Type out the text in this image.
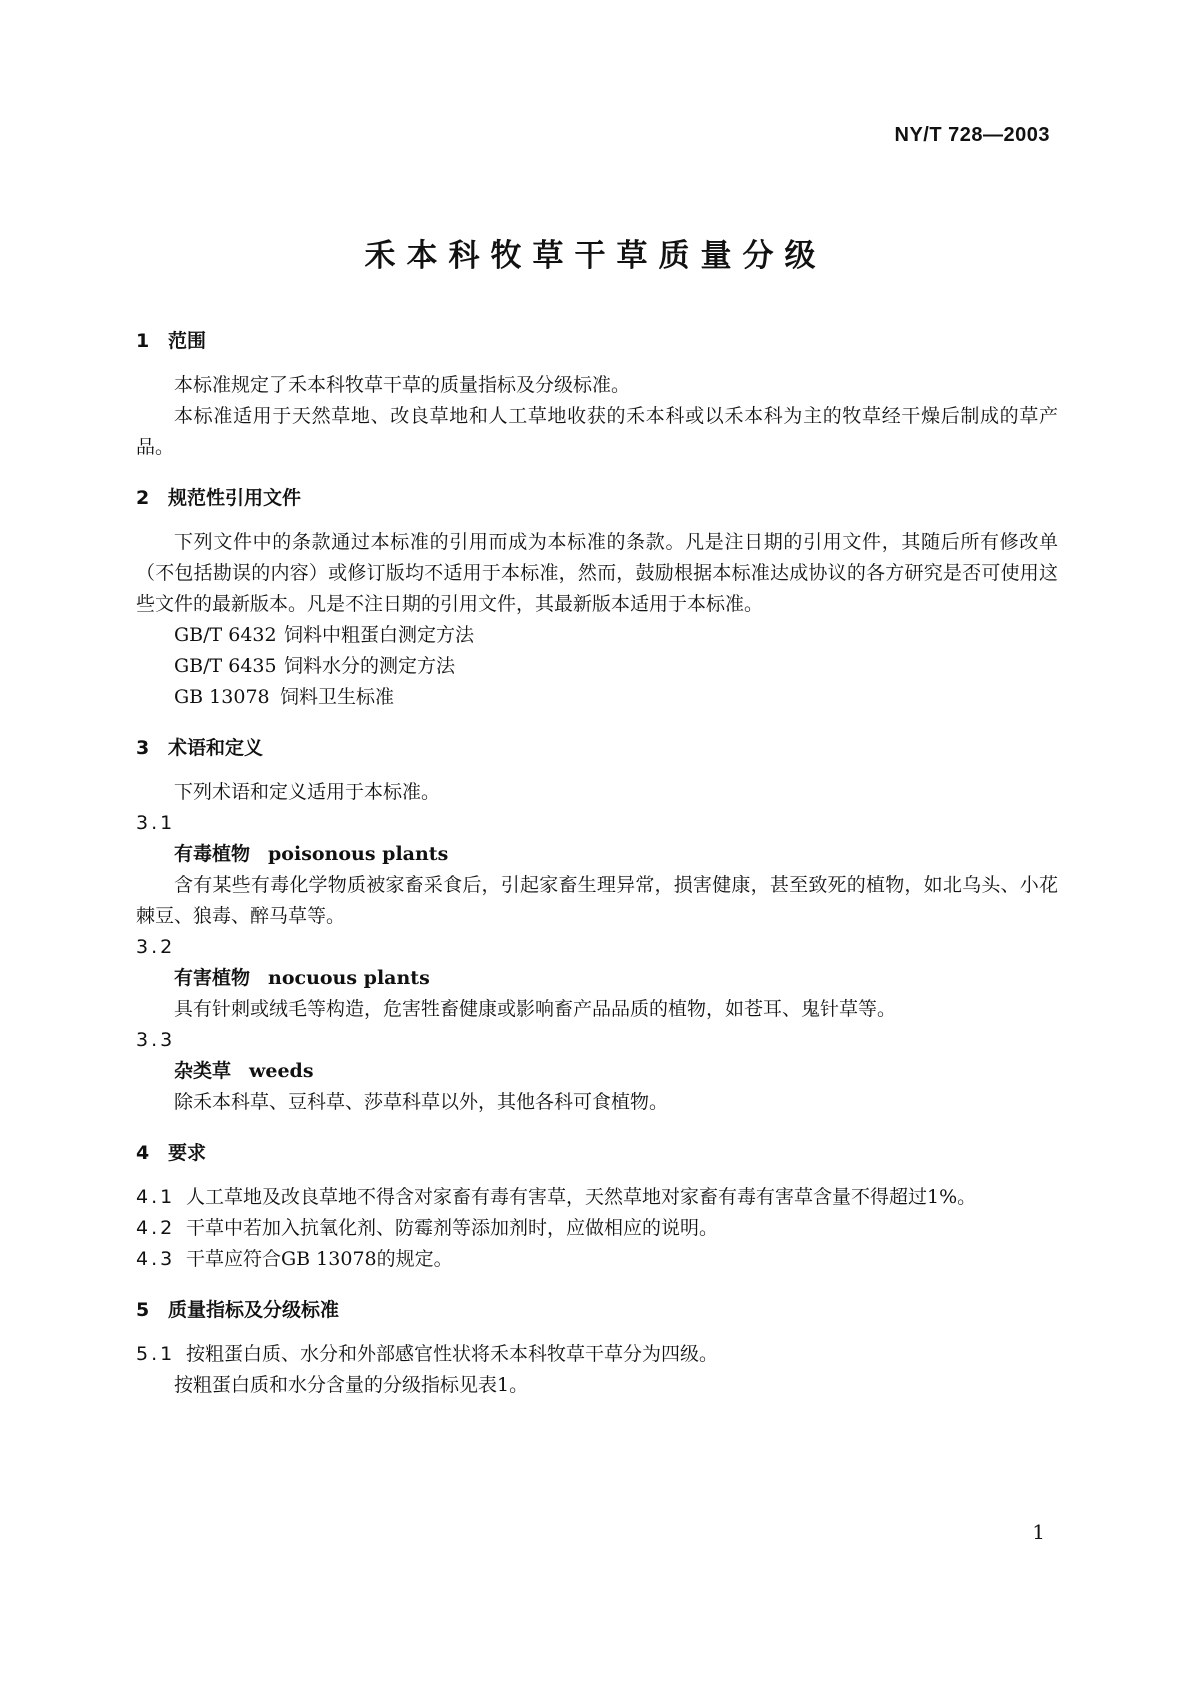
NY/T 728—2003
禾本科牧草干草质量分级
1 范围
本标准规定了禾本科牧草干草的质量指标及分级标准。
本标准适用于天然草地、改良草地和人工草地收获的禾本科或以禾本科为主的牧草经干燥后制成的草产品。
2 规范性引用文件
下列文件中的条款通过本标准的引用而成为本标准的条款。凡是注日期的引用文件，其随后所有修改单（不包括勘误的内容）或修订版均不适用于本标准，然而，鼓励根据本标准达成协议的各方研究是否可使用这些文件的最新版本。凡是不注日期的引用文件，其最新版本适用于本标准。
GB/T 6432 饲料中粗蛋白测定方法
GB/T 6435 饲料水分的测定方法
GB 13078 饲料卫生标准
3 术语和定义
下列术语和定义适用于本标准。
3.1
有毒植物 poisonous plants
含有某些有毒化学物质被家畜采食后，引起家畜生理异常，损害健康，甚至致死的植物，如北乌头、小花棘豆、狼毒、醉马草等。
3.2
有害植物 nocuous plants
具有针刺或绒毛等构造，危害牲畜健康或影响畜产品品质的植物，如苍耳、鬼针草等。
3.3
杂类草 weeds
除禾本科草、豆科草、莎草科草以外，其他各科可食植物。
4 要求
4.1 人工草地及改良草地不得含对家畜有毒有害草，天然草地对家畜有毒有害草含量不得超过1%。
4.2 干草中若加入抗氧化剂、防霉剂等添加剂时，应做相应的说明。
4.3 干草应符合GB 13078的规定。
5 质量指标及分级标准
5.1 按粗蛋白质、水分和外部感官性状将禾本科牧草干草分为四级。
按粗蛋白质和水分含量的分级指标见表1。
1
